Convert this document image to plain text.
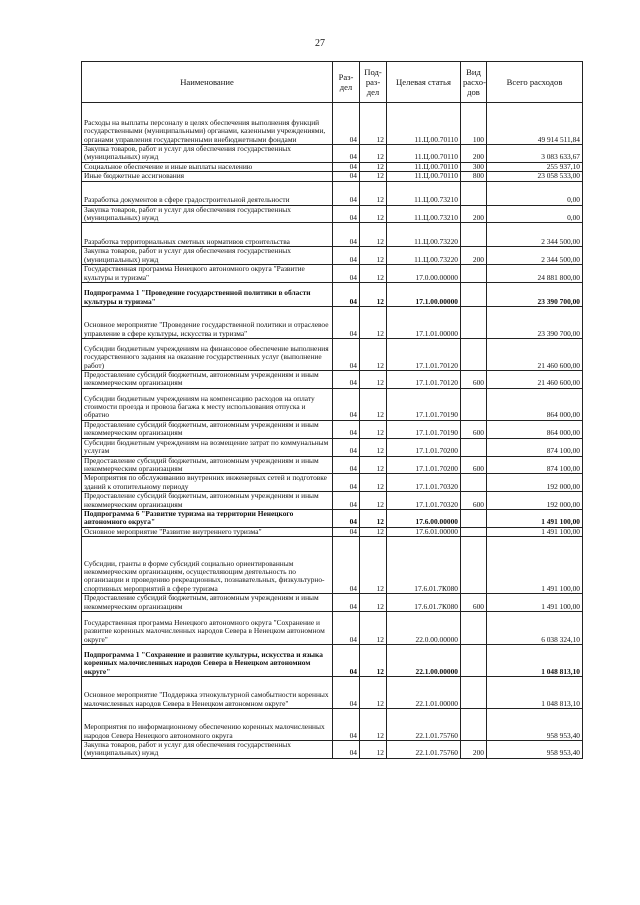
27
Наименование	Раз-дел	Под-раз-дел	Целевая статья	Вид расхо-дов	Всего расходов
Расходы на выплаты персоналу в целях обеспечения выполнения функций государственными (муниципальными) органами, казенными учреждениями, органами управления государственными внебюджетными фондами	04	12	11.Ц.00.70110	100	49 914 511,84
Закупка товаров, работ и услуг для обеспечения государственных (муниципальных) нужд	04	12	11.Ц.00.70110	200	3 083 633,67
Социальное обеспечение и иные выплаты населению	04	12	11.Ц.00.70110	300	255 937,10
Иные бюджетные ассигнования	04	12	11.Ц.00.70110	800	23 058 533,00
Разработка документов в сфере градостроительной деятельности	04	12	11.Ц.00.73210		0,00
Закупка товаров, работ и услуг для обеспечения государственных (муниципальных) нужд	04	12	11.Ц.00.73210	200	0,00
Разработка территориальных сметных нормативов строительства	04	12	11.Ц.00.73220		2 344 500,00
Закупка товаров, работ и услуг для обеспечения государственных (муниципальных) нужд	04	12	11.Ц.00.73220	200	2 344 500,00
Государственная программа Ненецкого автономного округа "Развитие культуры и туризма"	04	12	17.0.00.00000		24 881 800,00
Подпрограмма 1 "Проведение государственной политики в области культуры и туризма"	04	12	17.1.00.00000		23 390 700,00
Основное мероприятие "Проведение государственной политики и отраслевое управление в сфере культуры, искусства и туризма"	04	12	17.1.01.00000		23 390 700,00
Субсидии бюджетным учреждениям на финансовое обеспечение выполнения государственного задания на оказание государственных услуг (выполнение работ)	04	12	17.1.01.70120		21 460 600,00
Предоставление субсидий бюджетным, автономным учреждениям и иным некоммерческим организациям	04	12	17.1.01.70120	600	21 460 600,00
Субсидии бюджетным учреждениям на компенсацию расходов на оплату стоимости проезда и провоза багажа к месту использования отпуска и обратно	04	12	17.1.01.70190		864 000,00
Предоставление субсидий бюджетным, автономным учреждениям и иным некоммерческим организациям	04	12	17.1.01.70190	600	864 000,00
Субсидии бюджетным учреждениям на возмещение затрат по коммунальным услугам	04	12	17.1.01.70200		874 100,00
Предоставление субсидий бюджетным, автономным учреждениям и иным некоммерческим организациям	04	12	17.1.01.70200	600	874 100,00
Мероприятия по обслуживанию внутренних инженерных сетей и подготовке зданий к отопительному периоду	04	12	17.1.01.70320		192 000,00
Предоставление субсидий бюджетным, автономным учреждениям и иным некоммерческим организациям	04	12	17.1.01.70320	600	192 000,00
Подпрограмма 6 "Развитие туризма на территории Ненецкого автономного округа"	04	12	17.6.00.00000		1 491 100,00
Основное мероприятие "Развитие внутреннего туризма"	04	12	17.6.01.00000		1 491 100,00
Субсидии, гранты в форме субсидий социально ориентированным некоммерческим организациям, осуществляющим деятельность по организации и проведению рекреационных, познавательных, физкультурно-спортивных мероприятий в сфере туризма	04	12	17.6.01.7К080		1 491 100,00
Предоставление субсидий бюджетным, автономным учреждениям и иным некоммерческим организациям	04	12	17.6.01.7К080	600	1 491 100,00
Государственная программа Ненецкого автономного округа "Сохранение и развитие коренных малочисленных народов Севера в Ненецком автономном округе"	04	12	22.0.00.00000		6 038 324,10
Подпрограмма 1 "Сохранение и развитие культуры, искусства и языка коренных малочисленных народов Севера в Ненецком автономном округе"	04	12	22.1.00.00000		1 048 813,10
Основное мероприятие "Поддержка этнокультурной самобытности коренных малочисленных народов Севера в Ненецком автономном округе"	04	12	22.1.01.00000		1 048 813,10
Мероприятия по информационному обеспечению коренных малочисленных народов Севера Ненецкого автономного округа	04	12	22.1.01.75760		958 953,40
Закупка товаров, работ и услуг для обеспечения государственных (муниципальных) нужд	04	12	22.1.01.75760	200	958 953,40
